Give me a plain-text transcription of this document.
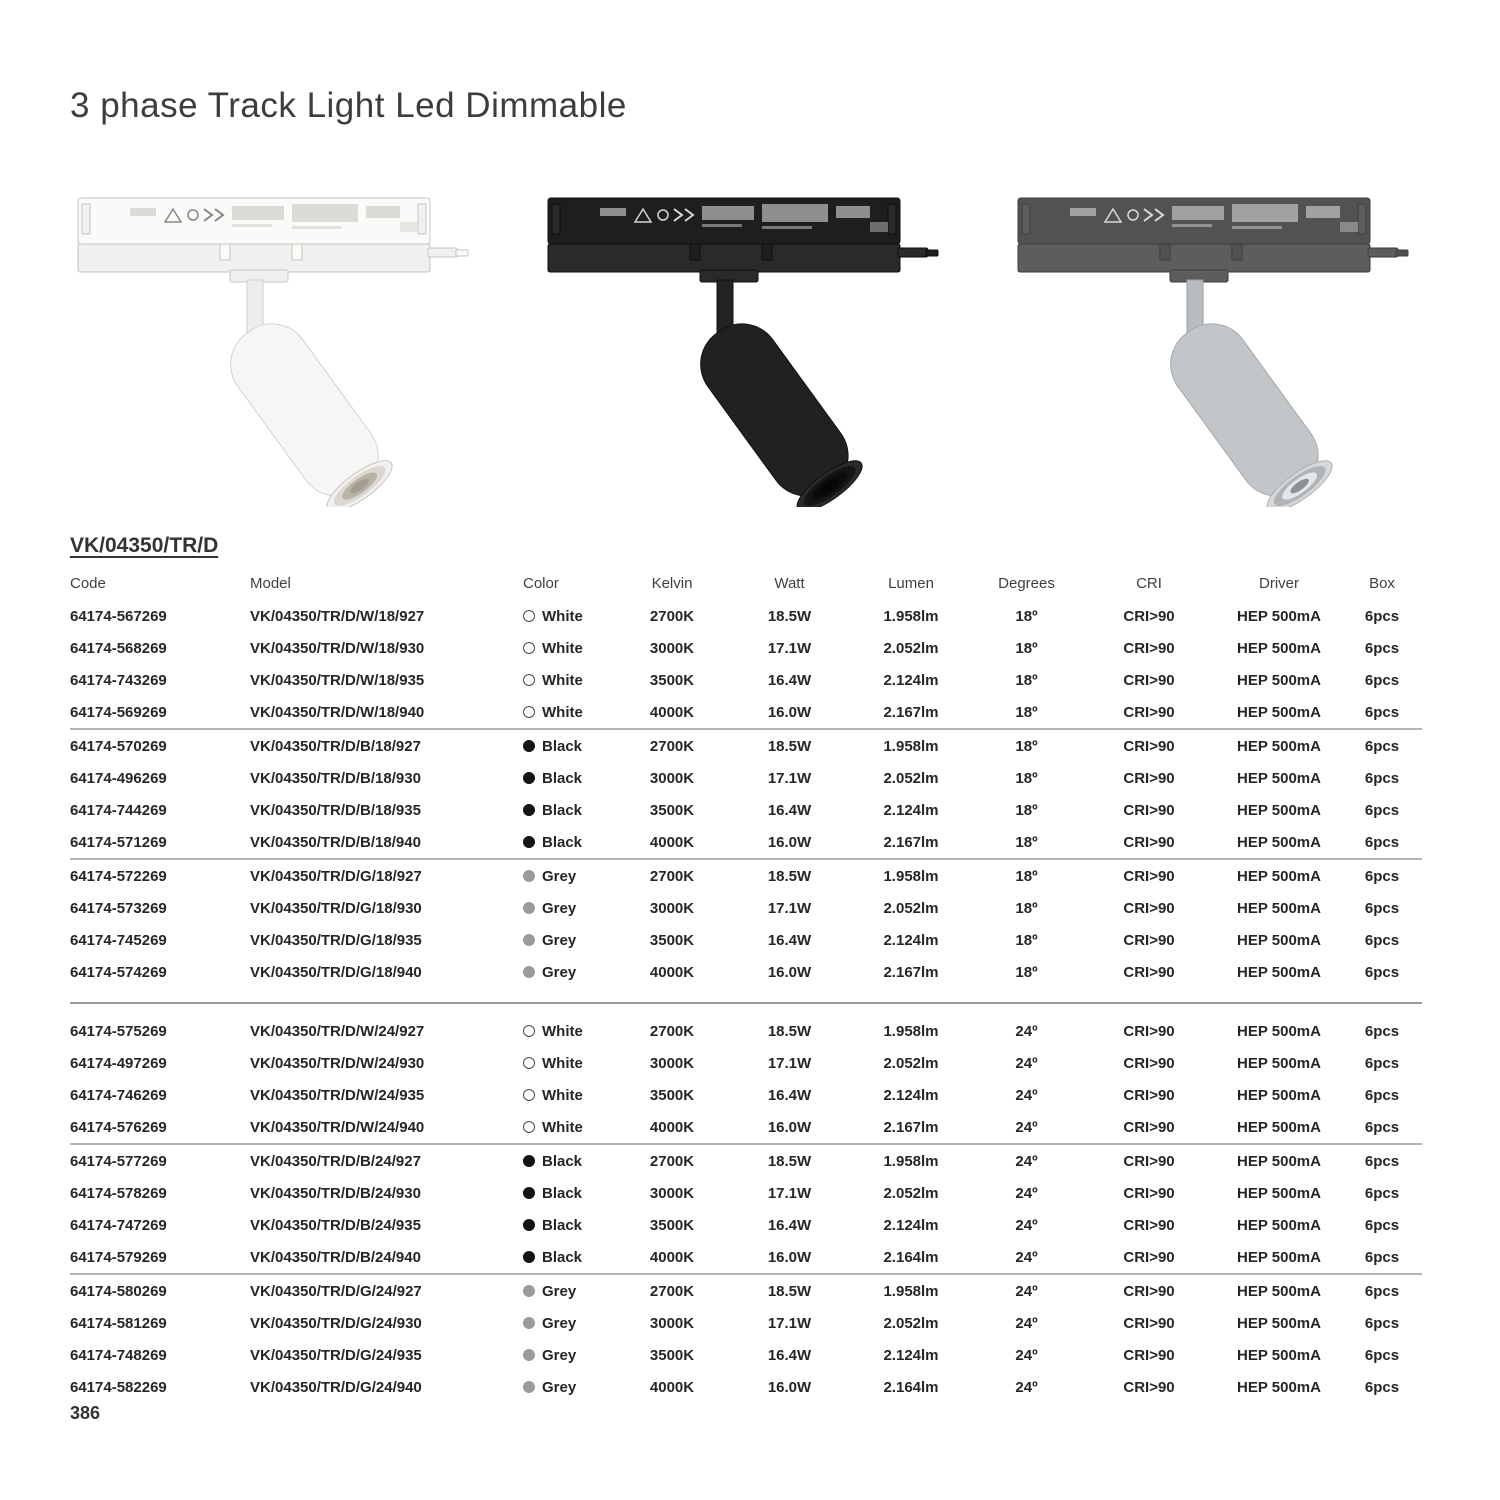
3 phase Track Light Led Dimmable
VK/04350/TR/D
Code	Model	Color	Kelvin	Watt	Lumen	Degrees	CRI	Driver	Box
64174-567269	VK/04350/TR/D/W/18/927	White	2700K	18.5W	1.958lm	18º	CRI>90	HEP 500mA	6pcs
64174-568269	VK/04350/TR/D/W/18/930	White	3000K	17.1W	2.052lm	18º	CRI>90	HEP 500mA	6pcs
64174-743269	VK/04350/TR/D/W/18/935	White	3500K	16.4W	2.124lm	18º	CRI>90	HEP 500mA	6pcs
64174-569269	VK/04350/TR/D/W/18/940	White	4000K	16.0W	2.167lm	18º	CRI>90	HEP 500mA	6pcs
64174-570269	VK/04350/TR/D/B/18/927	Black	2700K	18.5W	1.958lm	18º	CRI>90	HEP 500mA	6pcs
64174-496269	VK/04350/TR/D/B/18/930	Black	3000K	17.1W	2.052lm	18º	CRI>90	HEP 500mA	6pcs
64174-744269	VK/04350/TR/D/B/18/935	Black	3500K	16.4W	2.124lm	18º	CRI>90	HEP 500mA	6pcs
64174-571269	VK/04350/TR/D/B/18/940	Black	4000K	16.0W	2.167lm	18º	CRI>90	HEP 500mA	6pcs
64174-572269	VK/04350/TR/D/G/18/927	Grey	2700K	18.5W	1.958lm	18º	CRI>90	HEP 500mA	6pcs
64174-573269	VK/04350/TR/D/G/18/930	Grey	3000K	17.1W	2.052lm	18º	CRI>90	HEP 500mA	6pcs
64174-745269	VK/04350/TR/D/G/18/935	Grey	3500K	16.4W	2.124lm	18º	CRI>90	HEP 500mA	6pcs
64174-574269	VK/04350/TR/D/G/18/940	Grey	4000K	16.0W	2.167lm	18º	CRI>90	HEP 500mA	6pcs
64174-575269	VK/04350/TR/D/W/24/927	White	2700K	18.5W	1.958lm	24º	CRI>90	HEP 500mA	6pcs
64174-497269	VK/04350/TR/D/W/24/930	White	3000K	17.1W	2.052lm	24º	CRI>90	HEP 500mA	6pcs
64174-746269	VK/04350/TR/D/W/24/935	White	3500K	16.4W	2.124lm	24º	CRI>90	HEP 500mA	6pcs
64174-576269	VK/04350/TR/D/W/24/940	White	4000K	16.0W	2.167lm	24º	CRI>90	HEP 500mA	6pcs
64174-577269	VK/04350/TR/D/B/24/927	Black	2700K	18.5W	1.958lm	24º	CRI>90	HEP 500mA	6pcs
64174-578269	VK/04350/TR/D/B/24/930	Black	3000K	17.1W	2.052lm	24º	CRI>90	HEP 500mA	6pcs
64174-747269	VK/04350/TR/D/B/24/935	Black	3500K	16.4W	2.124lm	24º	CRI>90	HEP 500mA	6pcs
64174-579269	VK/04350/TR/D/B/24/940	Black	4000K	16.0W	2.164lm	24º	CRI>90	HEP 500mA	6pcs
64174-580269	VK/04350/TR/D/G/24/927	Grey	2700K	18.5W	1.958lm	24º	CRI>90	HEP 500mA	6pcs
64174-581269	VK/04350/TR/D/G/24/930	Grey	3000K	17.1W	2.052lm	24º	CRI>90	HEP 500mA	6pcs
64174-748269	VK/04350/TR/D/G/24/935	Grey	3500K	16.4W	2.124lm	24º	CRI>90	HEP 500mA	6pcs
64174-582269	VK/04350/TR/D/G/24/940	Grey	4000K	16.0W	2.164lm	24º	CRI>90	HEP 500mA	6pcs
386
